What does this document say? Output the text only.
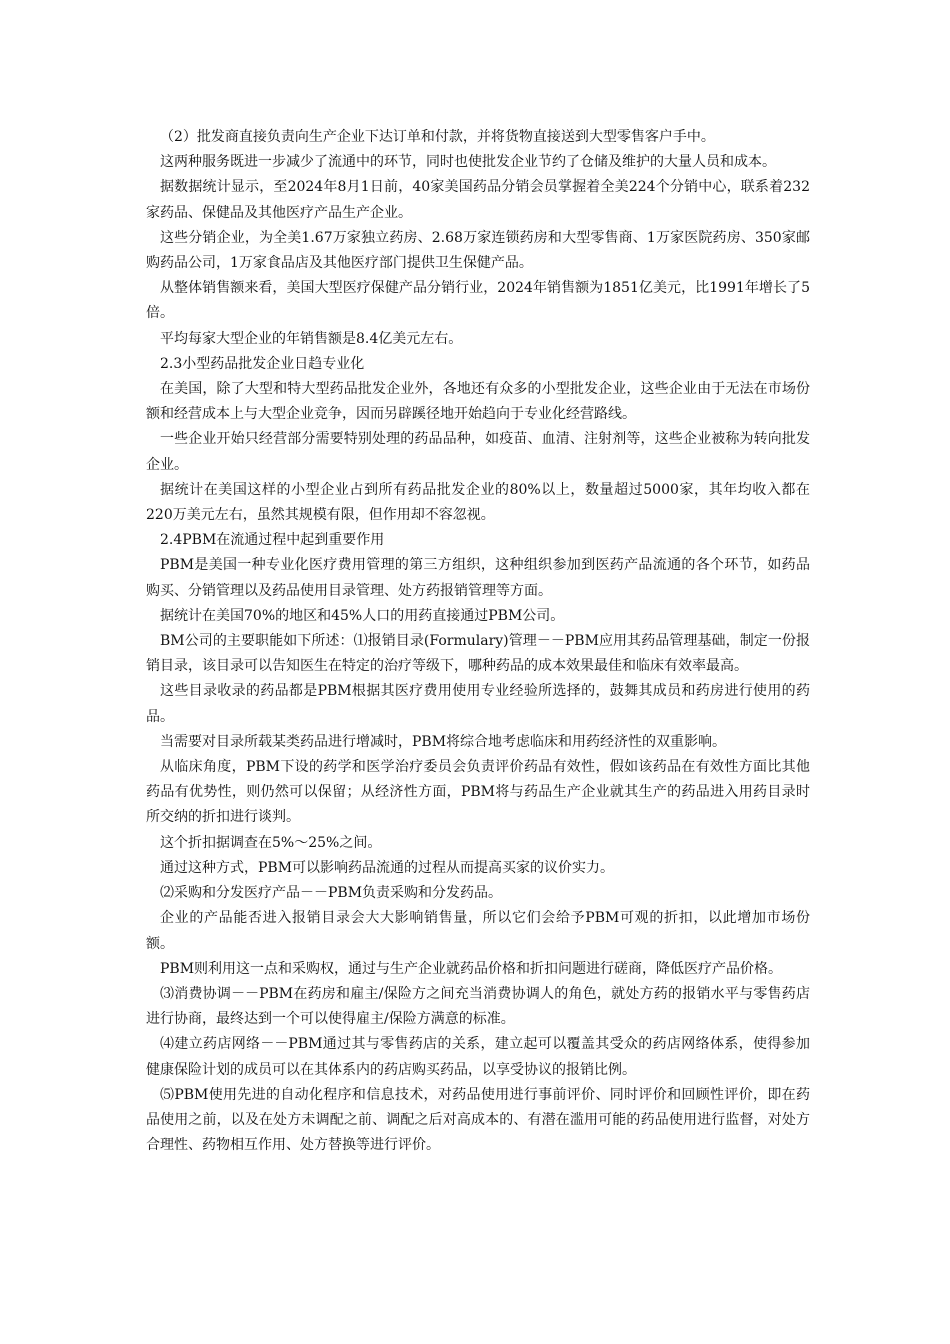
（2）批发商直接负责向生产企业下达订单和付款，并将货物直接送到大型零售客户手中。

这两种服务既进一步减少了流通中的环节，同时也使批发企业节约了仓储及维护的大量人员和成本。

据数据统计显示，至2024年8月1日前，40家美国药品分销会员掌握着全美224个分销中心，联系着232家药品、保健品及其他医疗产品生产企业。

这些分销企业，为全美1.67万家独立药房、2.68万家连锁药房和大型零售商、1万家医院药房、350家邮购药品公司，1万家食品店及其他医疗部门提供卫生保健产品。

从整体销售额来看，美国大型医疗保健产品分销行业，2024年销售额为1851亿美元，比1991年增长了5倍。

平均每家大型企业的年销售额是8.4亿美元左右。

2.3小型药品批发企业日趋专业化

在美国，除了大型和特大型药品批发企业外，各地还有众多的小型批发企业，这些企业由于无法在市场份额和经营成本上与大型企业竞争，因而另辟蹊径地开始趋向于专业化经营路线。

一些企业开始只经营部分需要特别处理的药品品种，如疫苗、血清、注射剂等，这些企业被称为转向批发企业。

据统计在美国这样的小型企业占到所有药品批发企业的80%以上，数量超过5000家，其年均收入都在220万美元左右，虽然其规模有限，但作用却不容忽视。

2.4PBM在流通过程中起到重要作用

PBM是美国一种专业化医疗费用管理的第三方组织，这种组织参加到医药产品流通的各个环节，如药品购买、分销管理以及药品使用目录管理、处方药报销管理等方面。

据统计在美国70%的地区和45%人口的用药直接通过PBM公司。

BM公司的主要职能如下所述：⑴报销目录(Formulary)管理－－PBM应用其药品管理基础，制定一份报销目录，该目录可以告知医生在特定的治疗等级下，哪种药品的成本效果最佳和临床有效率最高。

这些目录收录的药品都是PBM根据其医疗费用使用专业经验所选择的，鼓舞其成员和药房进行使用的药品。

当需要对目录所载某类药品进行增减时，PBM将综合地考虑临床和用药经济性的双重影响。

从临床角度，PBM下设的药学和医学治疗委员会负责评价药品有效性，假如该药品在有效性方面比其他药品有优势性，则仍然可以保留；从经济性方面，PBM将与药品生产企业就其生产的药品进入用药目录时所交纳的折扣进行谈判。

这个折扣据调查在5%～25%之间。

通过这种方式，PBM可以影响药品流通的过程从而提高买家的议价实力。

⑵采购和分发医疗产品－－PBM负责采购和分发药品。

企业的产品能否进入报销目录会大大影响销售量，所以它们会给予PBM可观的折扣，以此增加市场份额。

PBM则利用这一点和采购权，通过与生产企业就药品价格和折扣问题进行磋商，降低医疗产品价格。

⑶消费协调－－PBM在药房和雇主/保险方之间充当消费协调人的角色，就处方药的报销水平与零售药店进行协商，最终达到一个可以使得雇主/保险方满意的标准。

⑷建立药店网络－－PBM通过其与零售药店的关系，建立起可以覆盖其受众的药店网络体系，使得参加健康保险计划的成员可以在其体系内的药店购买药品，以享受协议的报销比例。

⑸PBM使用先进的自动化程序和信息技术，对药品使用进行事前评价、同时评价和回顾性评价，即在药品使用之前，以及在处方未调配之前、调配之后对高成本的、有潜在滥用可能的药品使用进行监督，对处方合理性、药物相互作用、处方替换等进行评价。
